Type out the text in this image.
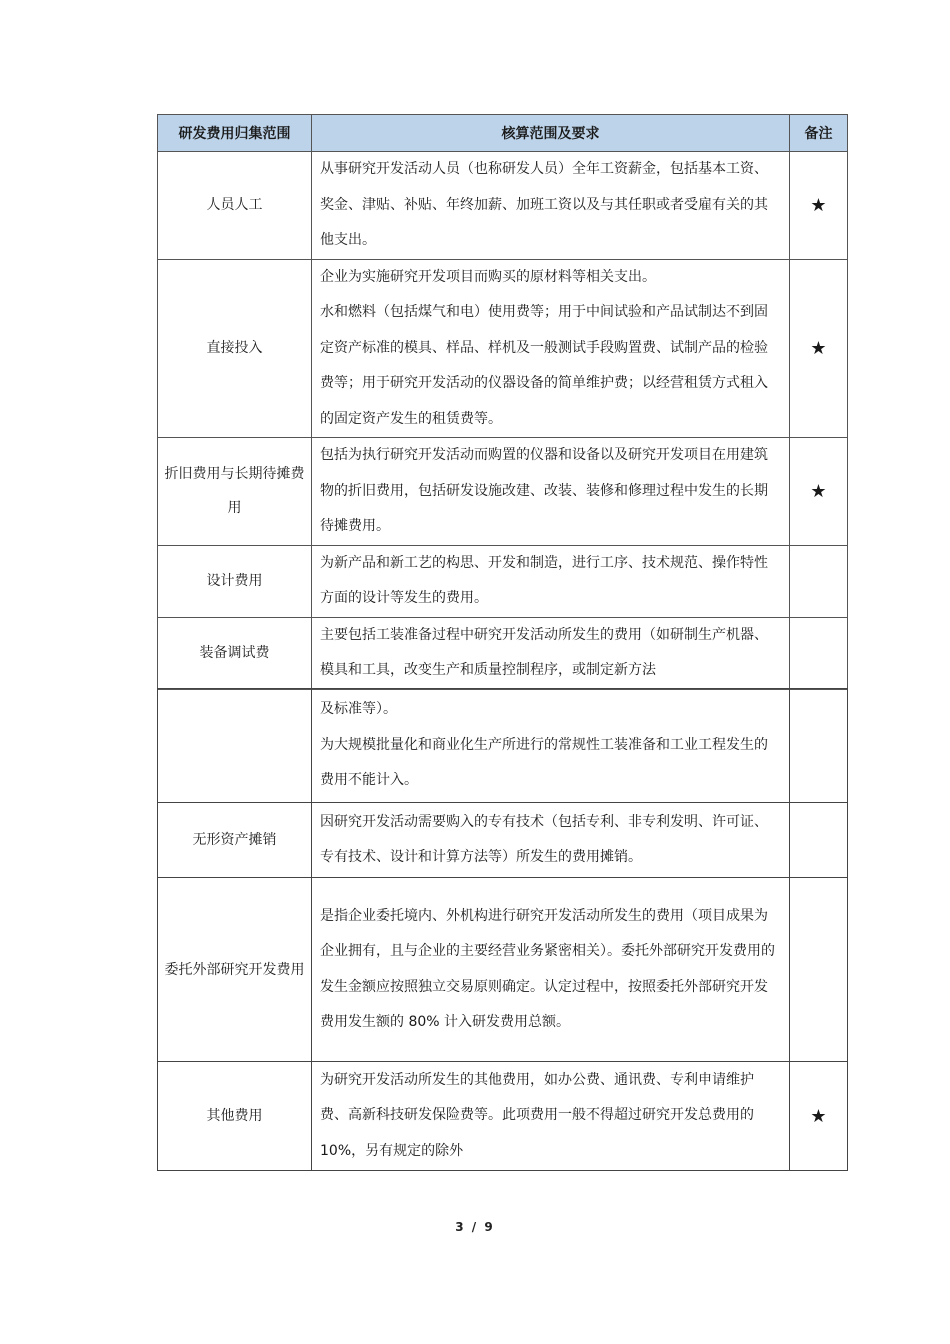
研发费用归集范围	核算范围及要求	备注
人员人工	从事研究开发活动人员（也称研发人员）全年工资薪金，包括基本工资、奖金、津贴、补贴、年终加薪、加班工资以及与其任职或者受雇有关的其他支出。	★
直接投入	企业为实施研究开发项目而购买的原材料等相关支出。

水和燃料（包括煤气和电）使用费等；用于中间试验和产品试制达不到固定资产标准的模具、样品、样机及一般测试手段购置费、试制产品的检验费等；用于研究开发活动的仪器设备的简单维护费；以经营租赁方式租入的固定资产发生的租赁费等。	★
折旧费用与长期待摊费用	包括为执行研究开发活动而购置的仪器和设备以及研究开发项目在用建筑物的折旧费用，包括研发设施改建、改装、装修和修理过程中发生的长期待摊费用。	★
设计费用	为新产品和新工艺的构思、开发和制造，进行工序、技术规范、操作特性方面的设计等发生的费用。	

装备调试费	主要包括工装准备过程中研究开发活动所发生的费用（如研制生产机器、模具和工具，改变生产和质量控制程序，或制定新方法	

	及标准等）。

为大规模批量化和商业化生产所进行的常规性工装准备和工业工程发生的费用不能计入。	

无形资产摊销	因研究开发活动需要购入的专有技术（包括专利、非专利发明、许可证、专有技术、设计和计算方法等）所发生的费用摊销。	

委托外部研究开发费用	是指企业委托境内、外机构进行研究开发活动所发生的费用（项目成果为企业拥有，且与企业的主要经营业务紧密相关）。委托外部研究开发费用的发生金额应按照独立交易原则确定。认定过程中，按照委托外部研究开发费用发生额的 80% 计入研发费用总额。	

其他费用	为研究开发活动所发生的其他费用，如办公费、通讯费、专利申请维护费、高新科技研发保险费等。此项费用一般不得超过研究开发总费用的 10%，另有规定的除外	★
3 / 9
